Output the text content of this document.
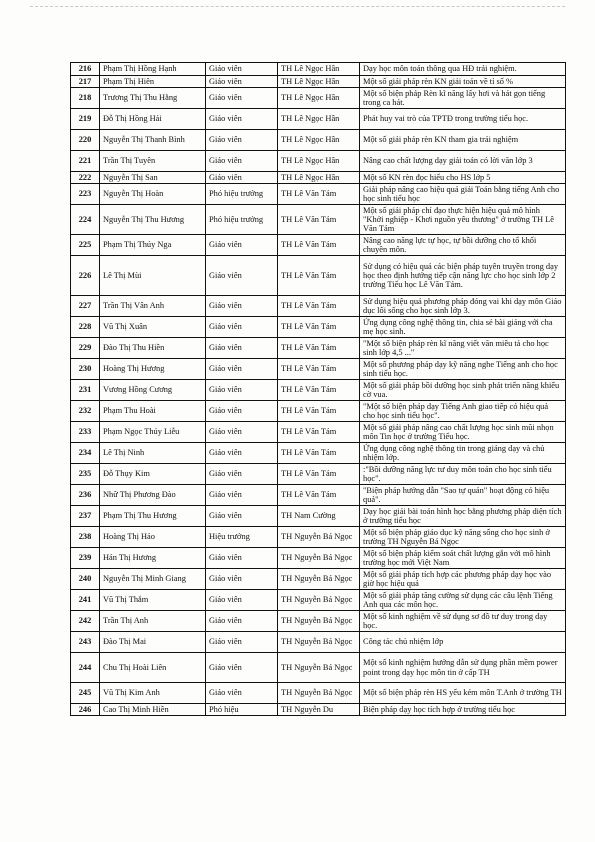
216	Phạm Thị Hồng Hạnh	Giáo viên	TH Lê Ngọc Hân	Dạy học môn toán thông qua HĐ trải nghiệm.
217	Phạm Thị Hiên	Giáo viên	TH Lê Ngọc Hân	Một số giải pháp rèn KN giải toán về tỉ số %
218	Trương Thị Thu Hằng	Giáo viên	TH Lê Ngọc Hân	Một số biện pháp Rèn kĩ năng lấy hơi và hát gọn tiếng trong ca hát.
219	Đỗ Thị Hồng Hải	Giáo viên	TH Lê Ngọc Hân	Phát huy vai trò của TPTĐ trong trường tiểu học.
220	Nguyễn Thị Thanh Bình	Giáo viên	TH Lê Ngọc Hân	Một số giải pháp rèn KN tham gia trải nghiệm
221	Trần Thị Tuyên	Giáo viên	TH Lê Ngọc Hân	Nâng cao chất lượng dạy giải toán có lời văn lớp 3
222	Nguyễn Thị San	Giáo viên	TH Lê Ngọc Hân	Một số KN rèn đọc hiểu cho HS lớp 5
223	Nguyễn Thị Hoàn	Phó hiệu trưởng	TH Lê Văn Tám	Giải pháp nâng cao hiệu quả giải Toán bằng tiếng Anh cho học sinh tiểu học
224	Nguyễn Thị Thu Hương	Phó hiệu trưởng	TH Lê Văn Tám	Một số giải pháp chỉ đạo thực hiện hiệu quả mô hình "Khởi nghiệp - Khơi nguồn yêu thương" ở trường TH Lê Văn Tám
225	Phạm Thị Thúy Nga	Giáo viên	TH Lê Văn Tám	Nâng cao năng lực tự học, tự bồi dưỡng cho tổ khối chuyên môn.
226	Lê Thị Mùi	Giáo viên	TH Lê Văn Tám	Sử dụng có hiệu quả các biện pháp tuyên truyền trong dạy học theo định hướng tiếp cận năng lực cho học sinh lớp 2 trường Tiểu học Lê Văn Tám.
227	Trần Thị Vân Anh	Giáo viên	TH Lê Văn Tám	Sử dụng hiệu quả phương pháp đóng vai khi dạy môn Giáo dục lối sống cho học sinh lớp 3.
228	Vũ Thị Xuân	Giáo viên	TH Lê Văn Tám	Ứng dụng công nghệ thông tin, chia sẻ bài giảng với cha mẹ học sinh.
229	Đào Thị Thu Hiền	Giáo viên	TH Lê Văn Tám	"Một số biện pháp rèn kĩ năng viết văn miêu tả cho học sinh lớp 4,5 ..."
230	Hoàng Thị Hương	Giáo viên	TH Lê Văn Tám	Một số phương pháp dạy kỹ năng nghe Tiếng anh cho học sinh tiểu học.
231	Vương Hồng Cương	Giáo viên	TH Lê Văn Tám	Một số giải pháp bồi dưỡng học sinh phát triển năng khiếu cờ vua.
232	Phạm Thu Hoài	Giáo viên	TH Lê Văn Tám	"Một số biện pháp dạy Tiếng Anh giao tiếp có hiệu quả cho học sinh tiểu học".
233	Phạm Ngọc Thúy Liễu	Giáo viên	TH Lê Văn Tám	Một số giải pháp nâng cao chất lượng học sinh mũi nhọn môn Tin học ở trường Tiểu học.
234	Lê Thị Ninh	Giáo viên	TH Lê Văn Tám	Ứng dụng công nghệ thông tin trong giảng dạy và chủ nhiệm lớp.
235	Đỗ Thụy Kim	Giáo viên	TH Lê Văn Tám	:"Bồi dưỡng năng lực tư duy môn toán cho học sinh tiểu học".
236	Nhữ Thị Phương Đào	Giáo viên	TH Lê Văn Tám	"Biện pháp hướng dẫn "Sao tự quản" hoạt động có hiệu quả".
237	Phạm Thị Thu Hương	Giáo viên	TH Nam Cường	Dạy học giải bài toán hình học bằng phương pháp diện tích ở trường tiểu học
238	Hoàng Thị Hảo	Hiệu trưởng	TH Nguyễn Bá Ngọc	Một số biện pháp giáo dục kỹ năng sống cho học sinh ở trường TH Nguyễn Bá Ngọc
239	Hán Thị Hương	Giáo viên	TH Nguyễn Bá Ngọc	Một số biện pháp kiểm soát chất lượng gắn với mô hình trường học mới Việt Nam
240	Nguyễn Thị Minh Giang	Giáo viên	TH Nguyễn Bá Ngọc	Một số giải pháp tích hợp các phương pháp dạy học vào giờ học hiệu quả
241	Vũ Thị Thắm	Giáo viên	TH Nguyễn Bá Ngọc	Một số giải pháp tăng cường sử dụng các câu lệnh Tiếng Anh qua các môn học.
242	Trần Thị Anh	Giáo viên	TH Nguyễn Bá Ngọc	Một số kinh nghiệm về sử dụng sơ đồ tư duy trong dạy học.
243	Đào Thị Mai	Giáo viên	TH Nguyễn Bá Ngọc	Công tác chủ nhiệm lớp
244	Chu Thị Hoài Liên	Giáo viên	TH Nguyễn Bá Ngọc	Một số kinh nghiệm hướng dẫn sử dụng phần mềm power point trong dạy học môn tin ở cấp TH
245	Vũ Thị Kim Anh	Giáo viên	TH Nguyễn Bá Ngọc	Một số biện pháp rèn HS yếu kém môn T.Anh ở trường TH
246	Cao Thị Minh Hiền	Phó hiệu	TH Nguyễn Du	Biện pháp dạy học tích hợp ở trường tiểu học
